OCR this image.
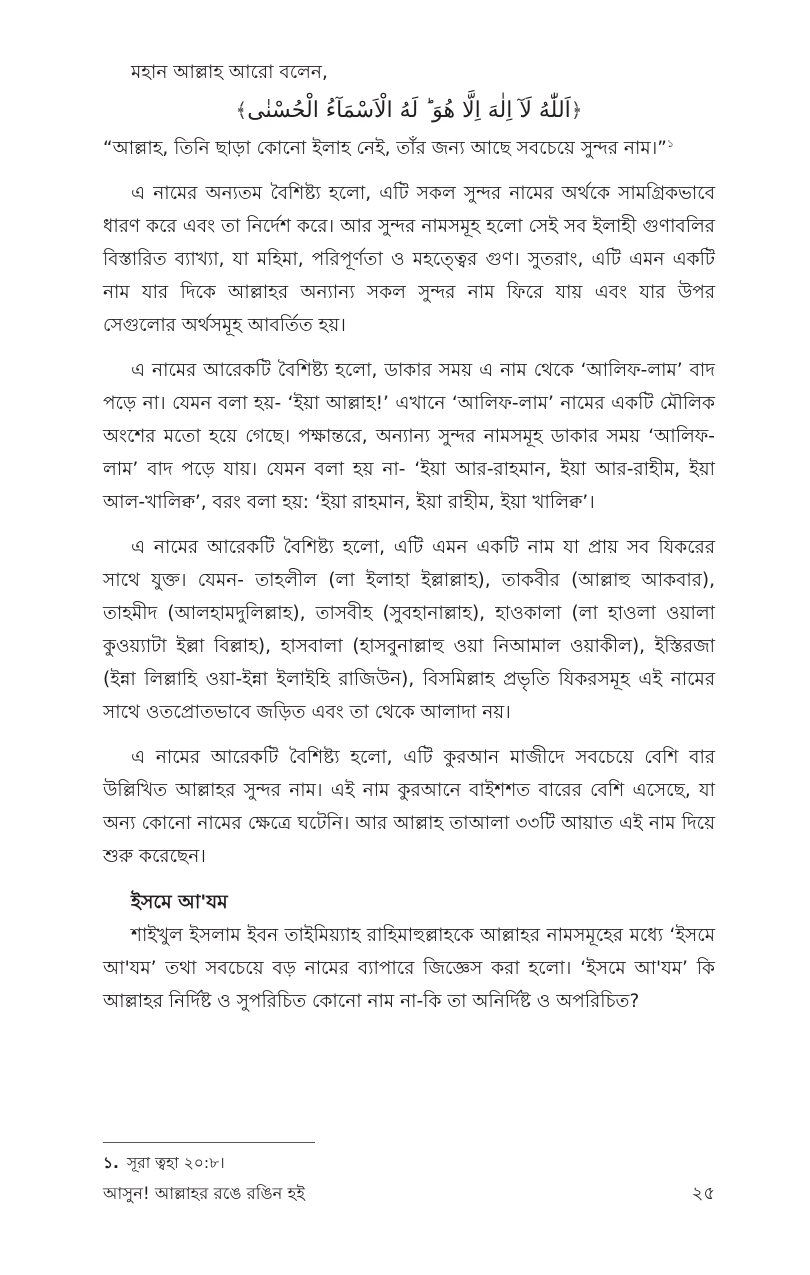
মহান আল্লাহ আরো বলেন,

﴿اَللّٰهُ لَآ اِلٰهَ اِلَّا هُوَ ؕ لَهُ الْاَسْمَآءُ الْحُسْنٰى﴾

“আল্লাহ, তিনি ছাড়া কোনো ইলাহ নেই, তাঁর জন্য আছে সবচেয়ে সুন্দর নাম।”$^১$

এ নামের অন্যতম বৈশিষ্ট্য হলো, এটি সকল সুন্দর নামের অর্থকে সামগ্রিকভাবে ধারণ করে এবং তা নির্দেশ করে। আর সুন্দর নামসমূহ হলো সেই সব ইলাহী গুণাবলির বিস্তারিত ব্যাখ্যা, যা মহিমা, পরিপূর্ণতা ও মহত্ত্বের গুণ। সুতরাং, এটি এমন একটি নাম যার দিকে আল্লাহর অন্যান্য সকল সুন্দর নাম ফিরে যায় এবং যার উপর সেগুলোর অর্থসমূহ আবর্তিত হয়।

এ নামের আরেকটি বৈশিষ্ট্য হলো, ডাকার সময় এ নাম থেকে ‘আলিফ-লাম’ বাদ পড়ে না। যেমন বলা হয়- ‘ইয়া আল্লাহ!’ এখানে ‘আলিফ-লাম’ নামের একটি মৌলিক অংশের মতো হয়ে গেছে। পক্ষান্তরে, অন্যান্য সুন্দর নামসমূহ ডাকার সময় ‘আলিফ-লাম’ বাদ পড়ে যায়। যেমন বলা হয় না- ‘ইয়া আর-রাহমান, ইয়া আর-রাহীম, ইয়া আল-খালিক্ব’, বরং বলা হয়: ‘ইয়া রাহমান, ইয়া রাহীম, ইয়া খালিক্ব’।

এ নামের আরেকটি বৈশিষ্ট্য হলো, এটি এমন একটি নাম যা প্রায় সব যিকরের সাথে যুক্ত। যেমন- তাহলীল (লা ইলাহা ইল্লাল্লাহ), তাকবীর (আল্লাহু আকবার), তাহমীদ (আলহামদুলিল্লাহ), তাসবীহ (সুবহানাল্লাহ), হাওকালা (লা হাওলা ওয়ালা কুওয়্যাটা ইল্লা বিল্লাহ), হাসবালা (হাসবুনাল্লাহু ওয়া নিআমাল ওয়াকীল), ইস্তিরজা (ইন্না লিল্লাহি ওয়া-ইন্না ইলাইহি রাজিউন), বিসমিল্লাহ প্রভৃতি যিকরসমূহ এই নামের সাথে ওতপ্রোতভাবে জড়িত এবং তা থেকে আলাদা নয়।

এ নামের আরেকটি বৈশিষ্ট্য হলো, এটি কুরআন মাজীদে সবচেয়ে বেশি বার উল্লিখিত আল্লাহর সুন্দর নাম। এই নাম কুরআনে বাইশশত বারের বেশি এসেছে, যা অন্য কোনো নামের ক্ষেত্রে ঘটেনি। আর আল্লাহ তাআলা ৩৩টি আয়াত এই নাম দিয়ে শুরু করেছেন।

ইসমে আ'যম

শাইখুল ইসলাম ইবন তাইমিয়্যাহ রাহিমাহুল্লাহকে আল্লাহর নামসমূহের মধ্যে ‘ইসমে আ'যম’ তথা সবচেয়ে বড় নামের ব্যাপারে জিজ্ঞেস করা হলো। ‘ইসমে আ'যম’ কি আল্লাহর নির্দিষ্ট ও সুপরিচিত কোনো নাম না-কি তা অনির্দিষ্ট ও অপরিচিত?

১. সূরা ত্বহা ২০:৮।
আসুন! আল্লাহর রঙে রঙিন হই	২৫
